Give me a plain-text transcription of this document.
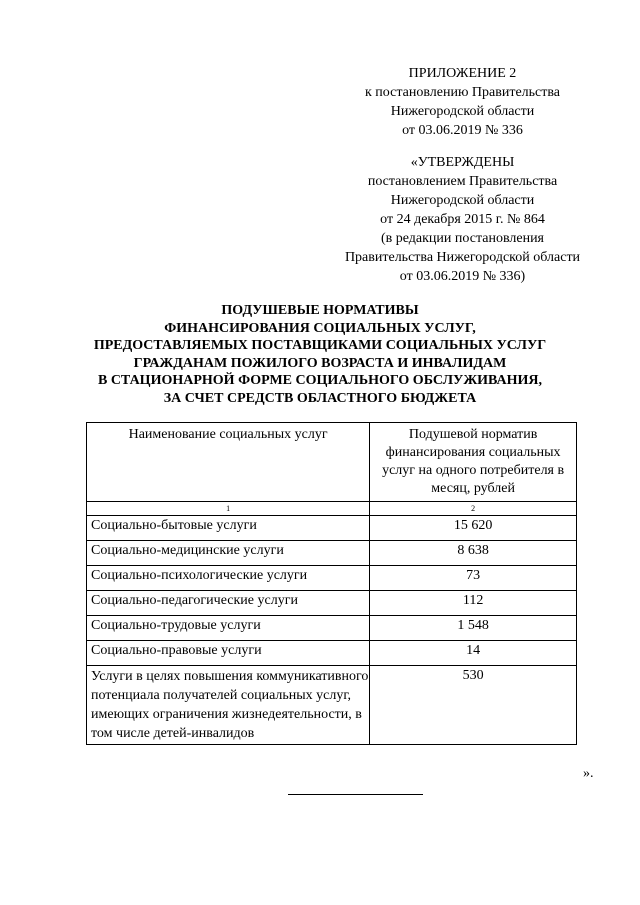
ПРИЛОЖЕНИЕ 2
к постановлению Правительства
Нижегородской области
от 03.06.2019 № 336
«УТВЕРЖДЕНЫ
постановлением Правительства
Нижегородской области
от 24 декабря 2015 г. № 864
(в редакции постановления
Правительства Нижегородской области
от 03.06.2019 № 336)
ПОДУШЕВЫЕ НОРМАТИВЫ
ФИНАНСИРОВАНИЯ СОЦИАЛЬНЫХ УСЛУГ,
ПРЕДОСТАВЛЯЕМЫХ ПОСТАВЩИКАМИ СОЦИАЛЬНЫХ УСЛУГ
ГРАЖДАНАМ ПОЖИЛОГО ВОЗРАСТА И ИНВАЛИДАМ
В СТАЦИОНАРНОЙ ФОРМЕ СОЦИАЛЬНОГО ОБСЛУЖИВАНИЯ,
ЗА СЧЕТ СРЕДСТВ ОБЛАСТНОГО БЮДЖЕТА
Наименование социальных услуг	Подушевой норматив финансирования социальных услуг на одного потребителя в месяц, рублей

1	2
Социально-бытовые услуги	15 620
Социально-медицинские услуги	8 638
Социально-психологические услуги	73
Социально-педагогические услуги	112
Социально-трудовые услуги	1 548
Социально-правовые услуги	14
Услуги в целях повышения коммуникативного потенциала получателей социальных услуг, имеющих ограничения жизнедеятельности, в том числе детей-инвалидов	530
».
